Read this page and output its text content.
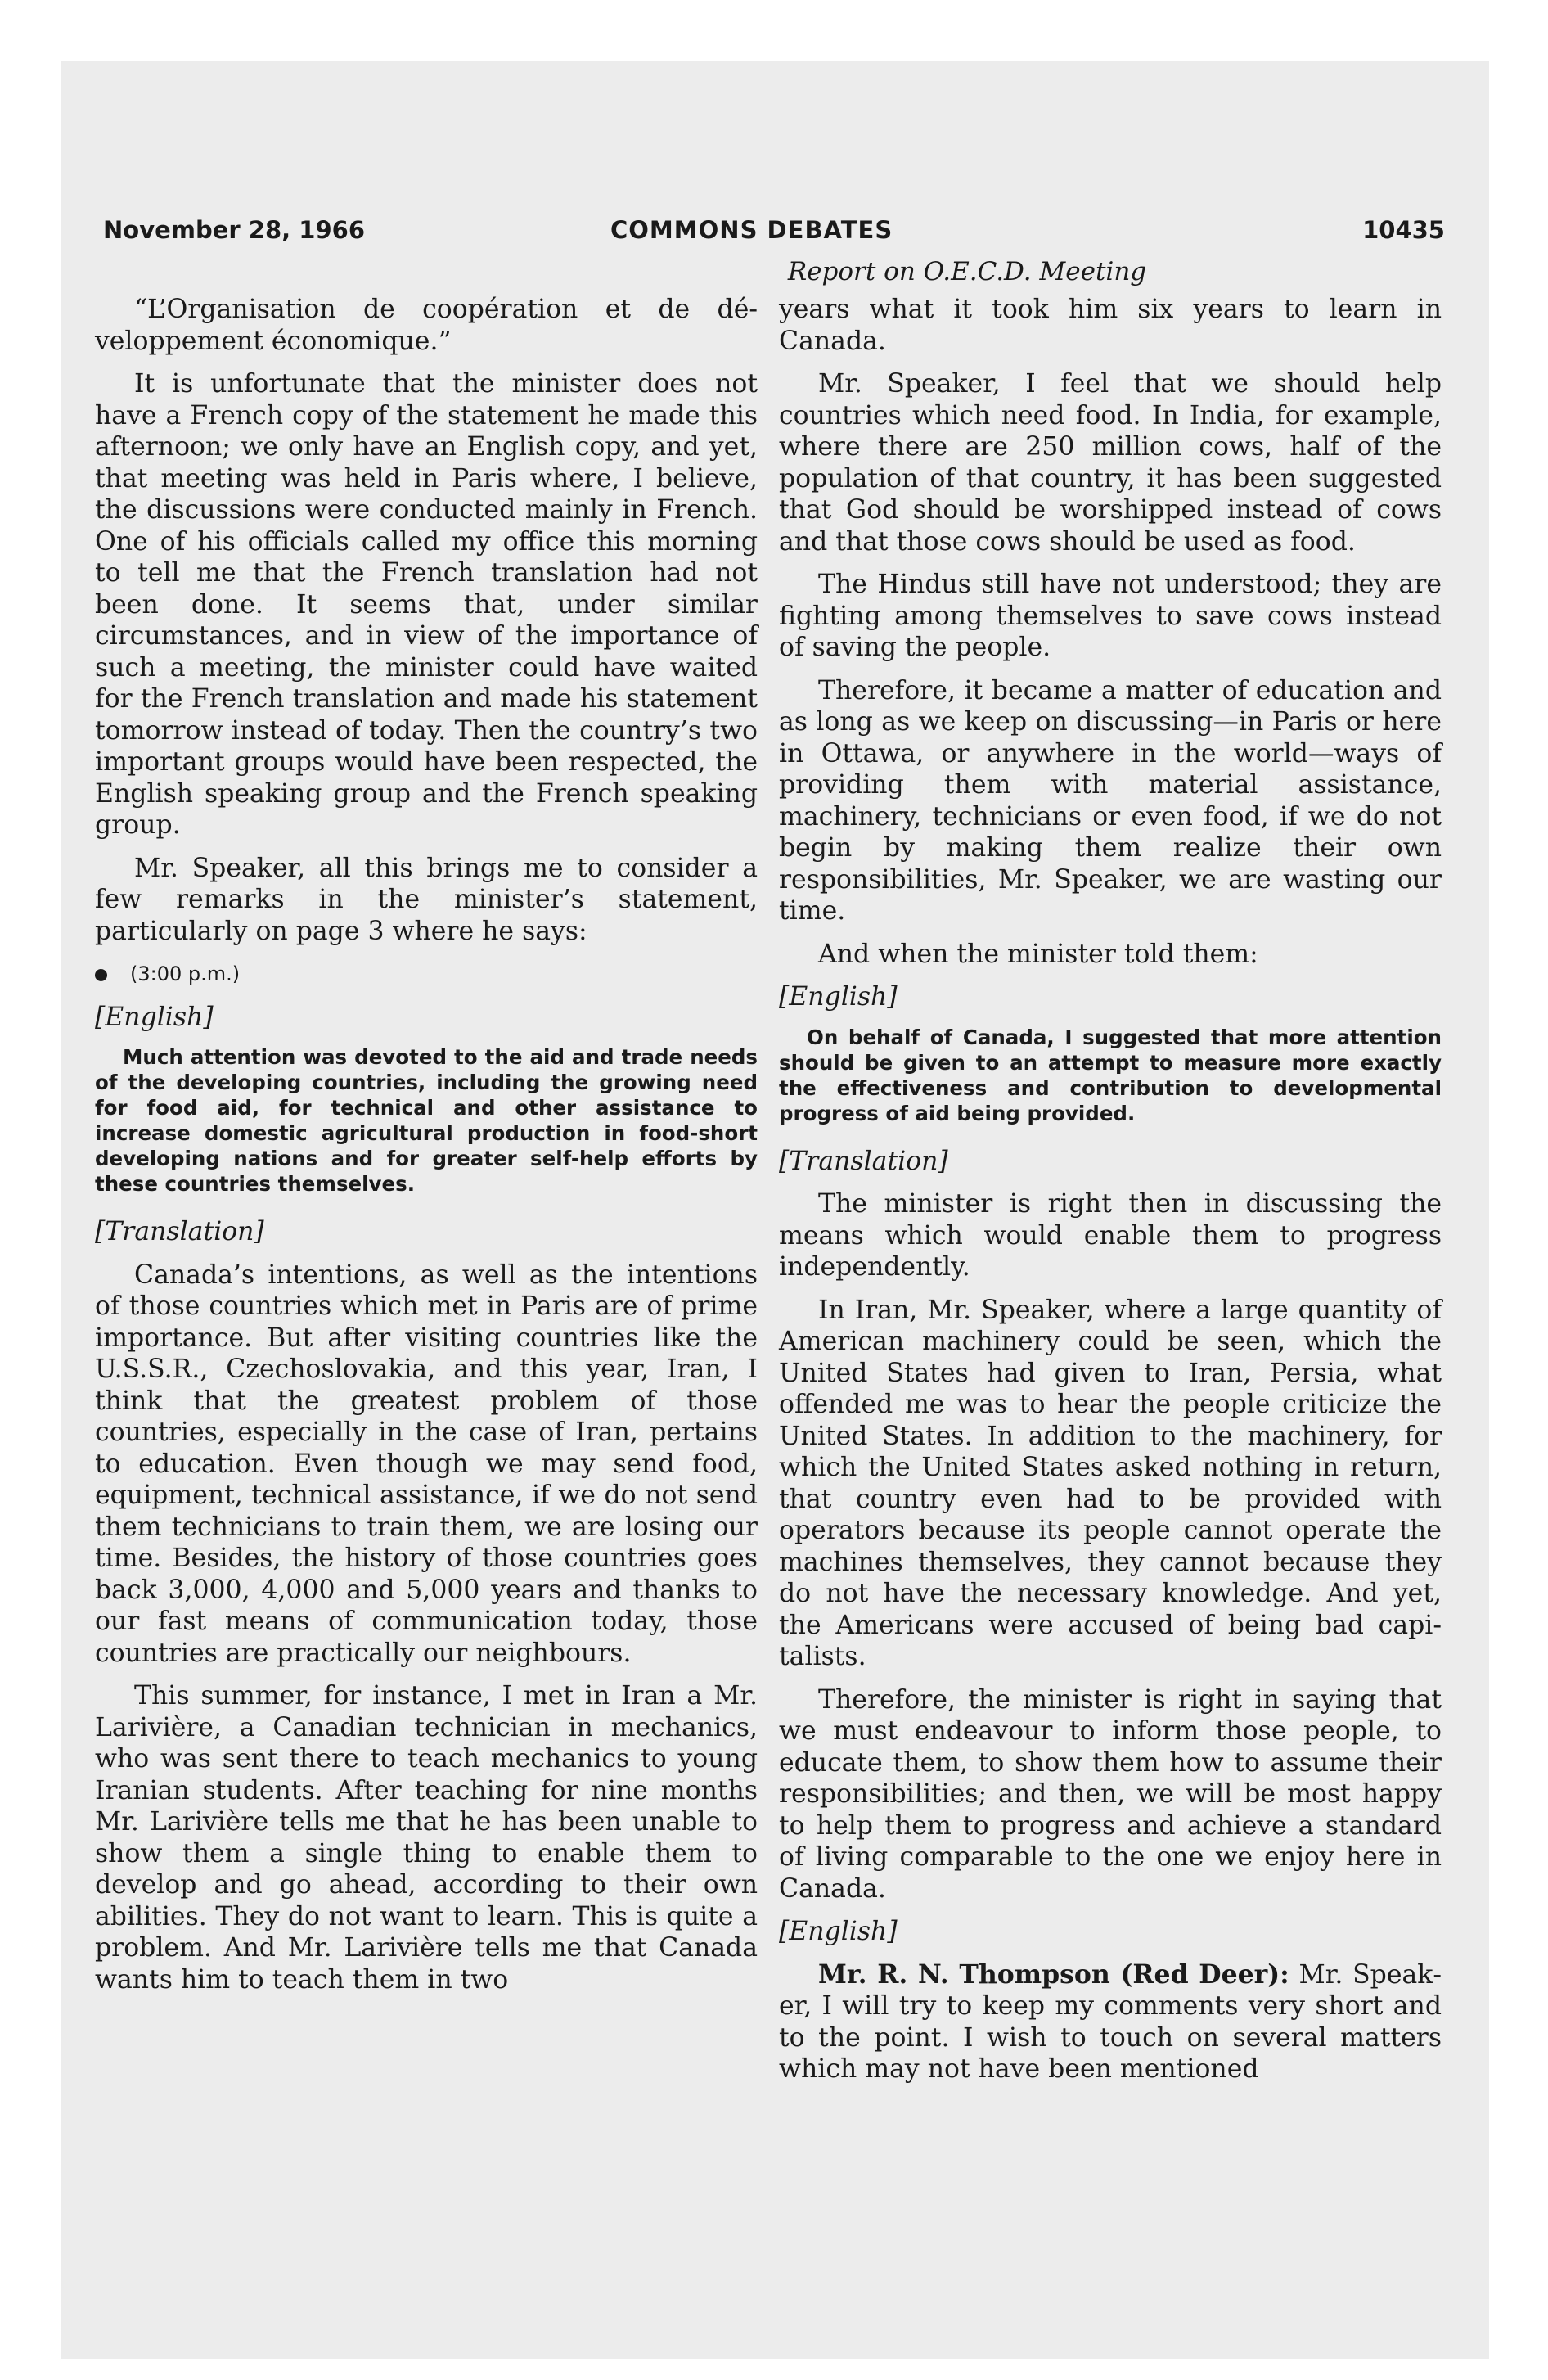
November 28, 1966	COMMONS DEBATES	10435
Report on O.E.C.D. Meeting

“L’Organisation de coopération et de développement économique.”

It is unfortunate that the minister does not have a French copy of the statement he made this afternoon; we only have an English copy, and yet, that meeting was held in Paris where, I believe, the discussions were conducted mainly in French. One of his officials called my office this morning to tell me that the French translation had not been done. It seems that, under similar circumstances, and in view of the importance of such a meeting, the minister could have waited for the French translation and made his statement tomorrow instead of today. Then the country’s two important groups would have been respected, the English speaking group and the French speaking group.

Mr. Speaker, all this brings me to consider a few remarks in the minister’s statement, particularly on page 3 where he says:

(3:00 p.m.)
[English]
Much attention was devoted to the aid and trade needs of the developing countries, including the growing need for food aid, for technical and other assistance to increase domestic agricultural production in food-short developing nations and for greater self-help efforts by these countries themselves.
[Translation]

Canada’s intentions, as well as the intentions of those countries which met in Paris are of prime importance. But after visiting countries like the U.S.S.R., Czechoslovakia, and this year, Iran, I think that the greatest problem of those countries, especially in the case of Iran, pertains to education. Even though we may send food, equipment, technical assistance, if we do not send them technicians to train them, we are losing our time. Besides, the history of those countries goes back 3,000, 4,000 and 5,000 years and thanks to our fast means of communication today, those countries are practically our neighbours.

This summer, for instance, I met in Iran a Mr. Larivière, a Canadian technician in mechanics, who was sent there to teach mechanics to young Iranian students. After teaching for nine months Mr. Larivière tells me that he has been unable to show them a single thing to enable them to develop and go ahead, according to their own abilities. They do not want to learn. This is quite a problem. And Mr. Larivière tells me that Canada wants him to teach them in two

years what it took him six years to learn in Canada.

Mr. Speaker, I feel that we should help countries which need food. In India, for example, where there are 250 million cows, half of the population of that country, it has been suggested that God should be worshipped instead of cows and that those cows should be used as food.

The Hindus still have not understood; they are fighting among themselves to save cows instead of saving the people.

Therefore, it became a matter of education and as long as we keep on discussing—in Paris or here in Ottawa, or anywhere in the world—ways of providing them with material assistance, machinery, technicians or even food, if we do not begin by making them realize their own responsibilities, Mr. Speaker, we are wasting our time.

And when the minister told them:

[English]
On behalf of Canada, I suggested that more attention should be given to an attempt to measure more exactly the effectiveness and contribution to developmental progress of aid being provided.
[Translation]

The minister is right then in discussing the means which would enable them to progress independently.

In Iran, Mr. Speaker, where a large quantity of American machinery could be seen, which the United States had given to Iran, Persia, what offended me was to hear the people criticize the United States. In addition to the machinery, for which the United States asked nothing in return, that country even had to be provided with operators because its people cannot operate the machines themselves, they cannot because they do not have the necessary knowledge. And yet, the Americans were accused of being bad capitalists.

Therefore, the minister is right in saying that we must endeavour to inform those people, to educate them, to show them how to assume their responsibilities; and then, we will be most happy to help them to progress and achieve a standard of living comparable to the one we enjoy here in Canada.

[English]

Mr. R. N. Thompson (Red Deer): Mr. Speaker, I will try to keep my comments very short and to the point. I wish to touch on several matters which may not have been mentioned
